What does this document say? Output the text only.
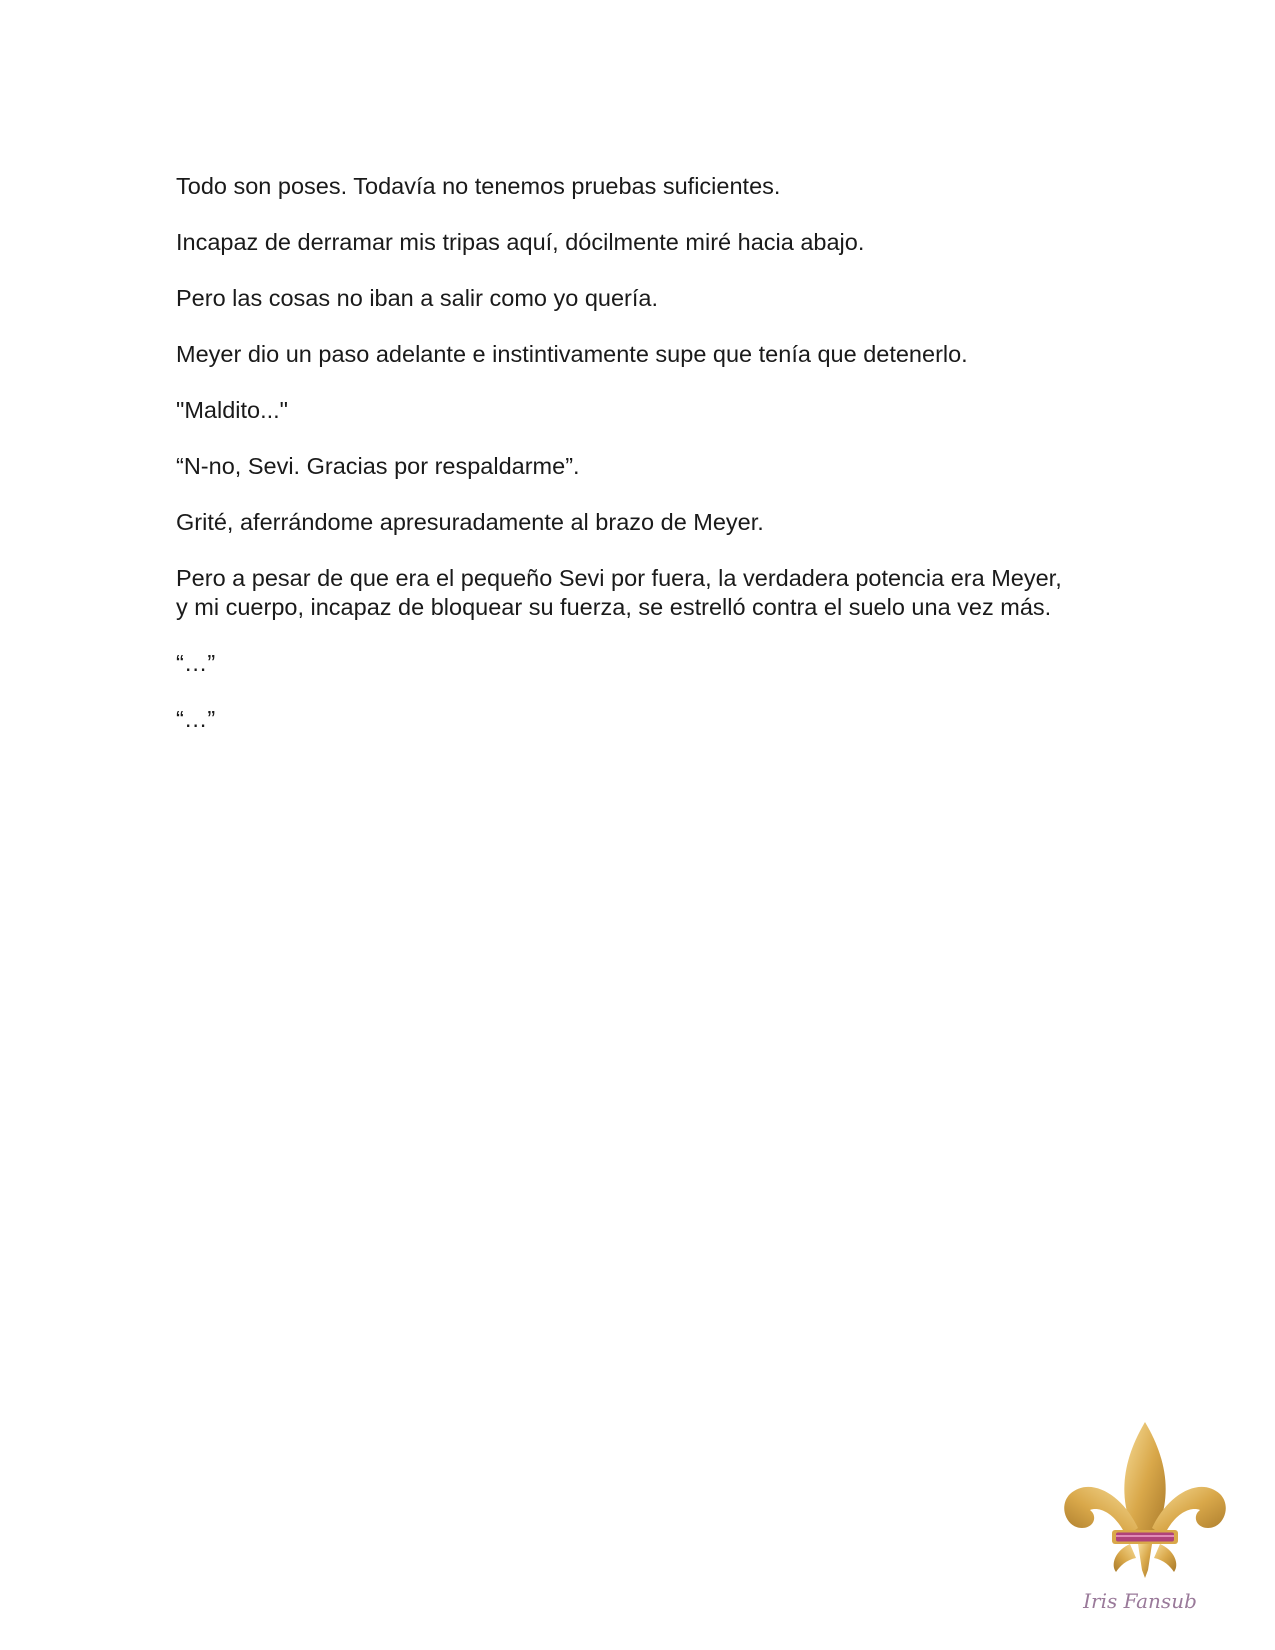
Todo son poses. Todavía no tenemos pruebas suficientes.

Incapaz de derramar mis tripas aquí, dócilmente miré hacia abajo.

Pero las cosas no iban a salir como yo quería.

Meyer dio un paso adelante e instintivamente supe que tenía que detenerlo.

"Maldito..."

“N-no, Sevi. Gracias por respaldarme”.

Grité, aferrándome apresuradamente al brazo de Meyer.

Pero a pesar de que era el pequeño Sevi por fuera, la verdadera potencia era Meyer,
y mi cuerpo, incapaz de bloquear su fuerza, se estrelló contra el suelo una vez más.

“…”

“…”

Iris Fansub
